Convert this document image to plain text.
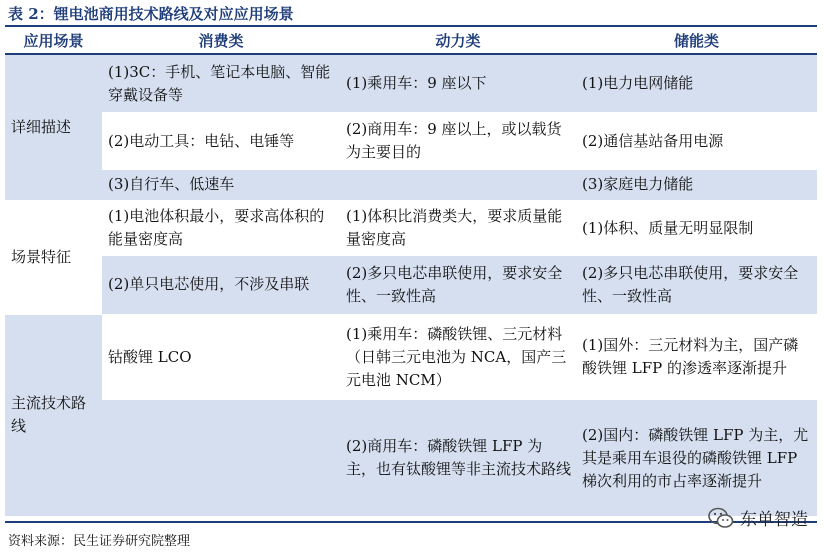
表 2：锂电池商用技术路线及对应应用场景
应用场景	消费类	动力类	储能类
详细描述	(1)3C：手机、笔记本电脑、智能穿戴设备等	(1)乘用车：9 座以下	(1)电力电网储能
	(2)电动工具：电钻、电锤等	(2)商用车：9 座以上，或以载货为主要目的	(2)通信基站备用电源
	(3)自行车、低速车		(3)家庭电力储能
场景特征	(1)电池体积最小，要求高体积的能量密度高	(1)体积比消费类大，要求质量能量密度高	(1)体积、质量无明显限制
	(2)单只电芯使用，不涉及串联	(2)多只电芯串联使用，要求安全性、一致性高	(2)多只电芯串联使用，要求安全性、一致性高
主流技术路线	钴酸锂 LCO	(1)乘用车：磷酸铁锂、三元材料（日韩三元电池为 NCA，国产三元电池 NCM）	(1)国外：三元材料为主，国产磷酸铁锂 LFP 的渗透率逐渐提升
		(2)商用车：磷酸铁锂 LFP 为主，也有钛酸锂等非主流技术路线	(2)国内：磷酸铁锂 LFP 为主，尤其是乘用车退役的磷酸铁锂 LFP 梯次利用的市占率逐渐提升
资料来源：民生证券研究院整理
东单智造
